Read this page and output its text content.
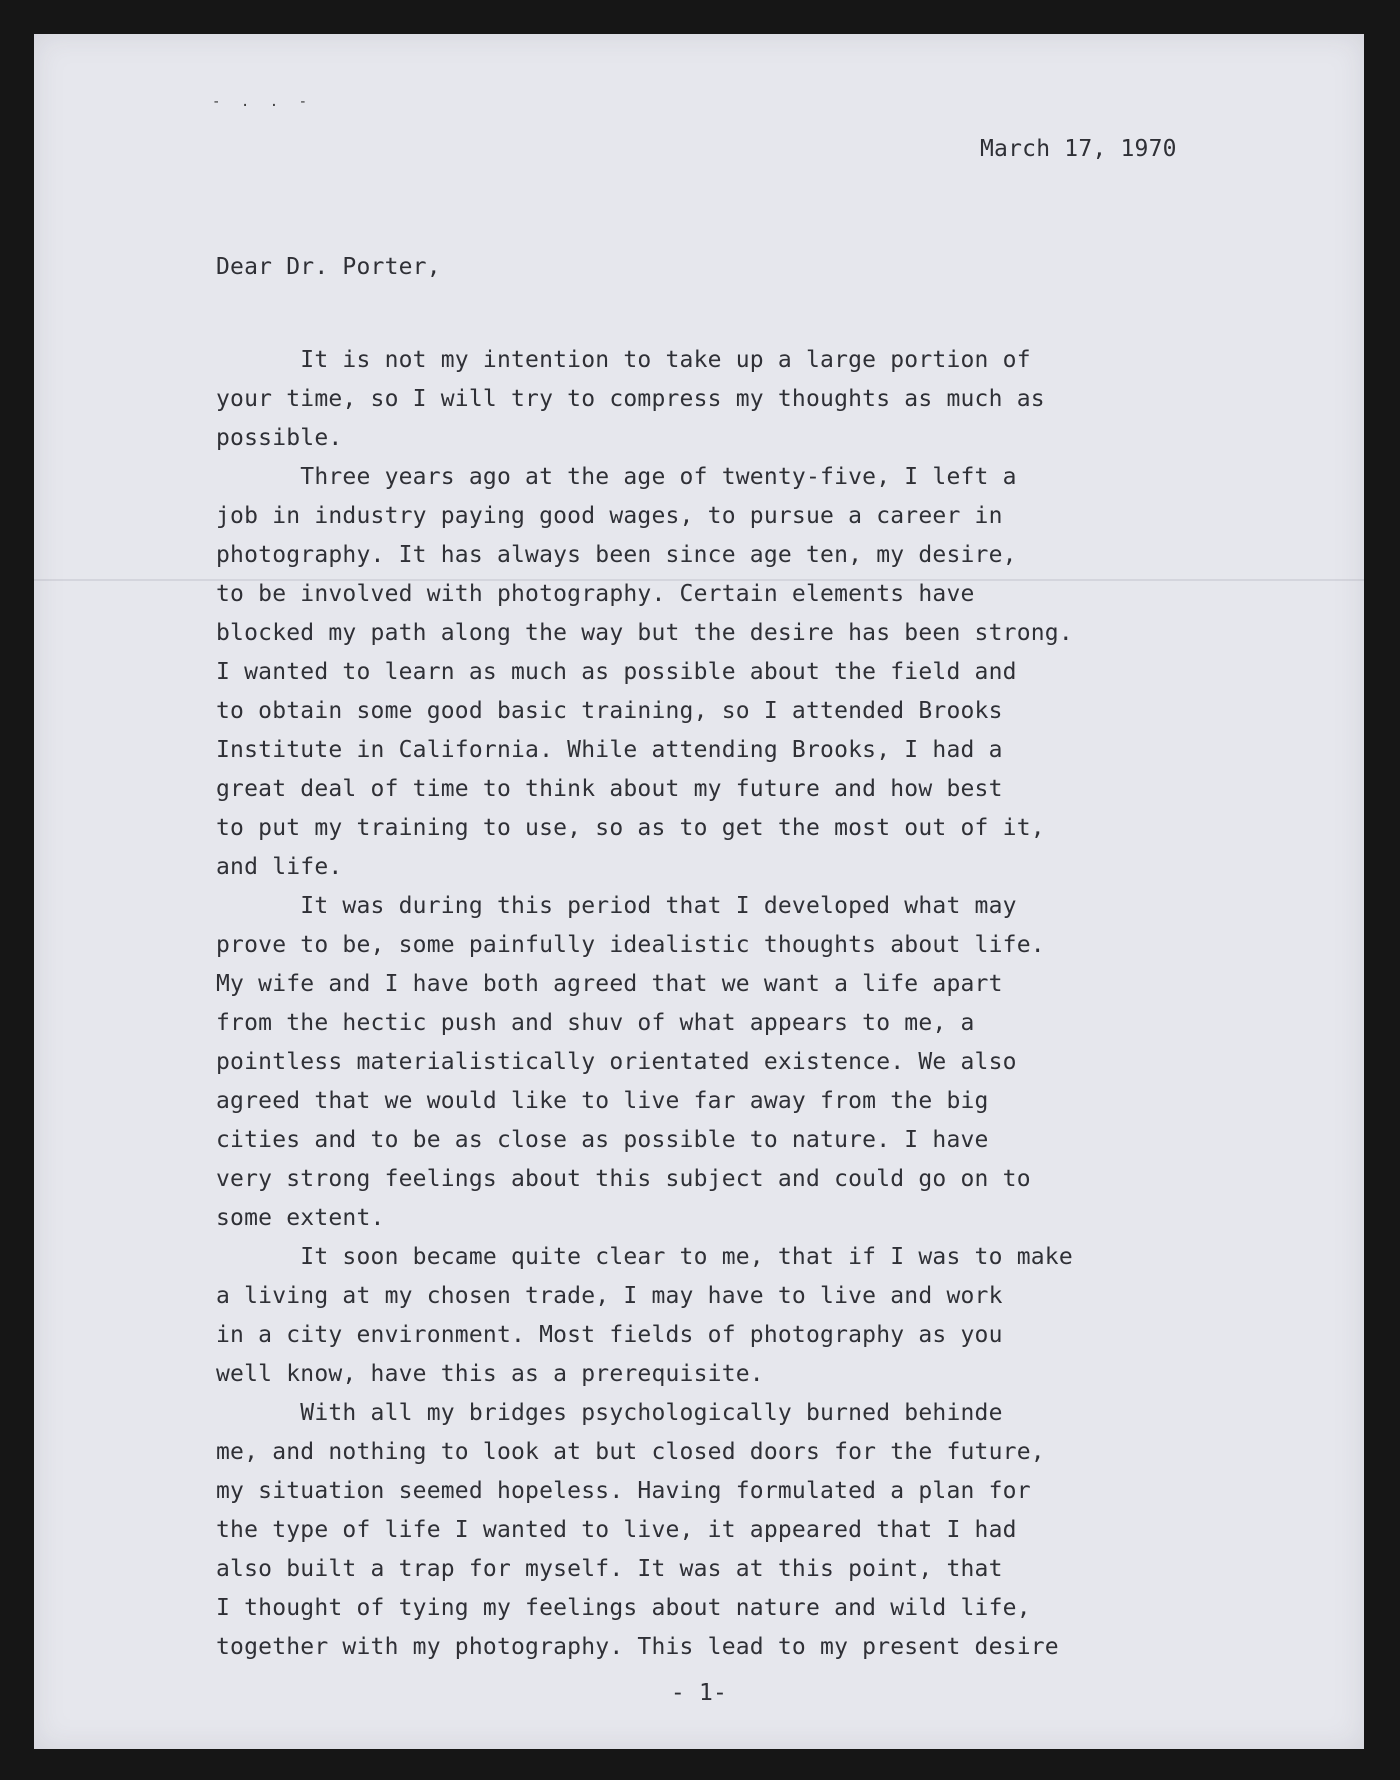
- . . -
March 17, 1970
Dear Dr. Porter,
It is not my intention to take up a large portion of
your time, so I will try to compress my thoughts as much as
possible.
Three years ago at the age of twenty-five, I left a
job in industry paying good wages, to pursue a career in
photography. It has always been since age ten, my desire,
to be involved with photography. Certain elements have
blocked my path along the way but the desire has been strong.
I wanted to learn as much as possible about the field and
to obtain some good basic training, so I attended Brooks
Institute in California. While attending Brooks, I had a
great deal of time to think about my future and how best
to put my training to use, so as to get the most out of it,
and life.
It was during this period that I developed what may
prove to be, some painfully idealistic thoughts about life.
My wife and I have both agreed that we want a life apart
from the hectic push and shuv of what appears to me, a
pointless materialistically orientated existence. We also
agreed that we would like to live far away from the big
cities and to be as close as possible to nature. I have
very strong feelings about this subject and could go on to
some extent.
It soon became quite clear to me, that if I was to make
a living at my chosen trade, I may have to live and work
in a city environment. Most fields of photography as you
well know, have this as a prerequisite.
With all my bridges psychologically burned behinde
me, and nothing to look at but closed doors for the future,
my situation seemed hopeless. Having formulated a plan for
the type of life I wanted to live, it appeared that I had
also built a trap for myself. It was at this point, that
I thought of tying my feelings about nature and wild life,
together with my photography. This lead to my present desire
- 1-
